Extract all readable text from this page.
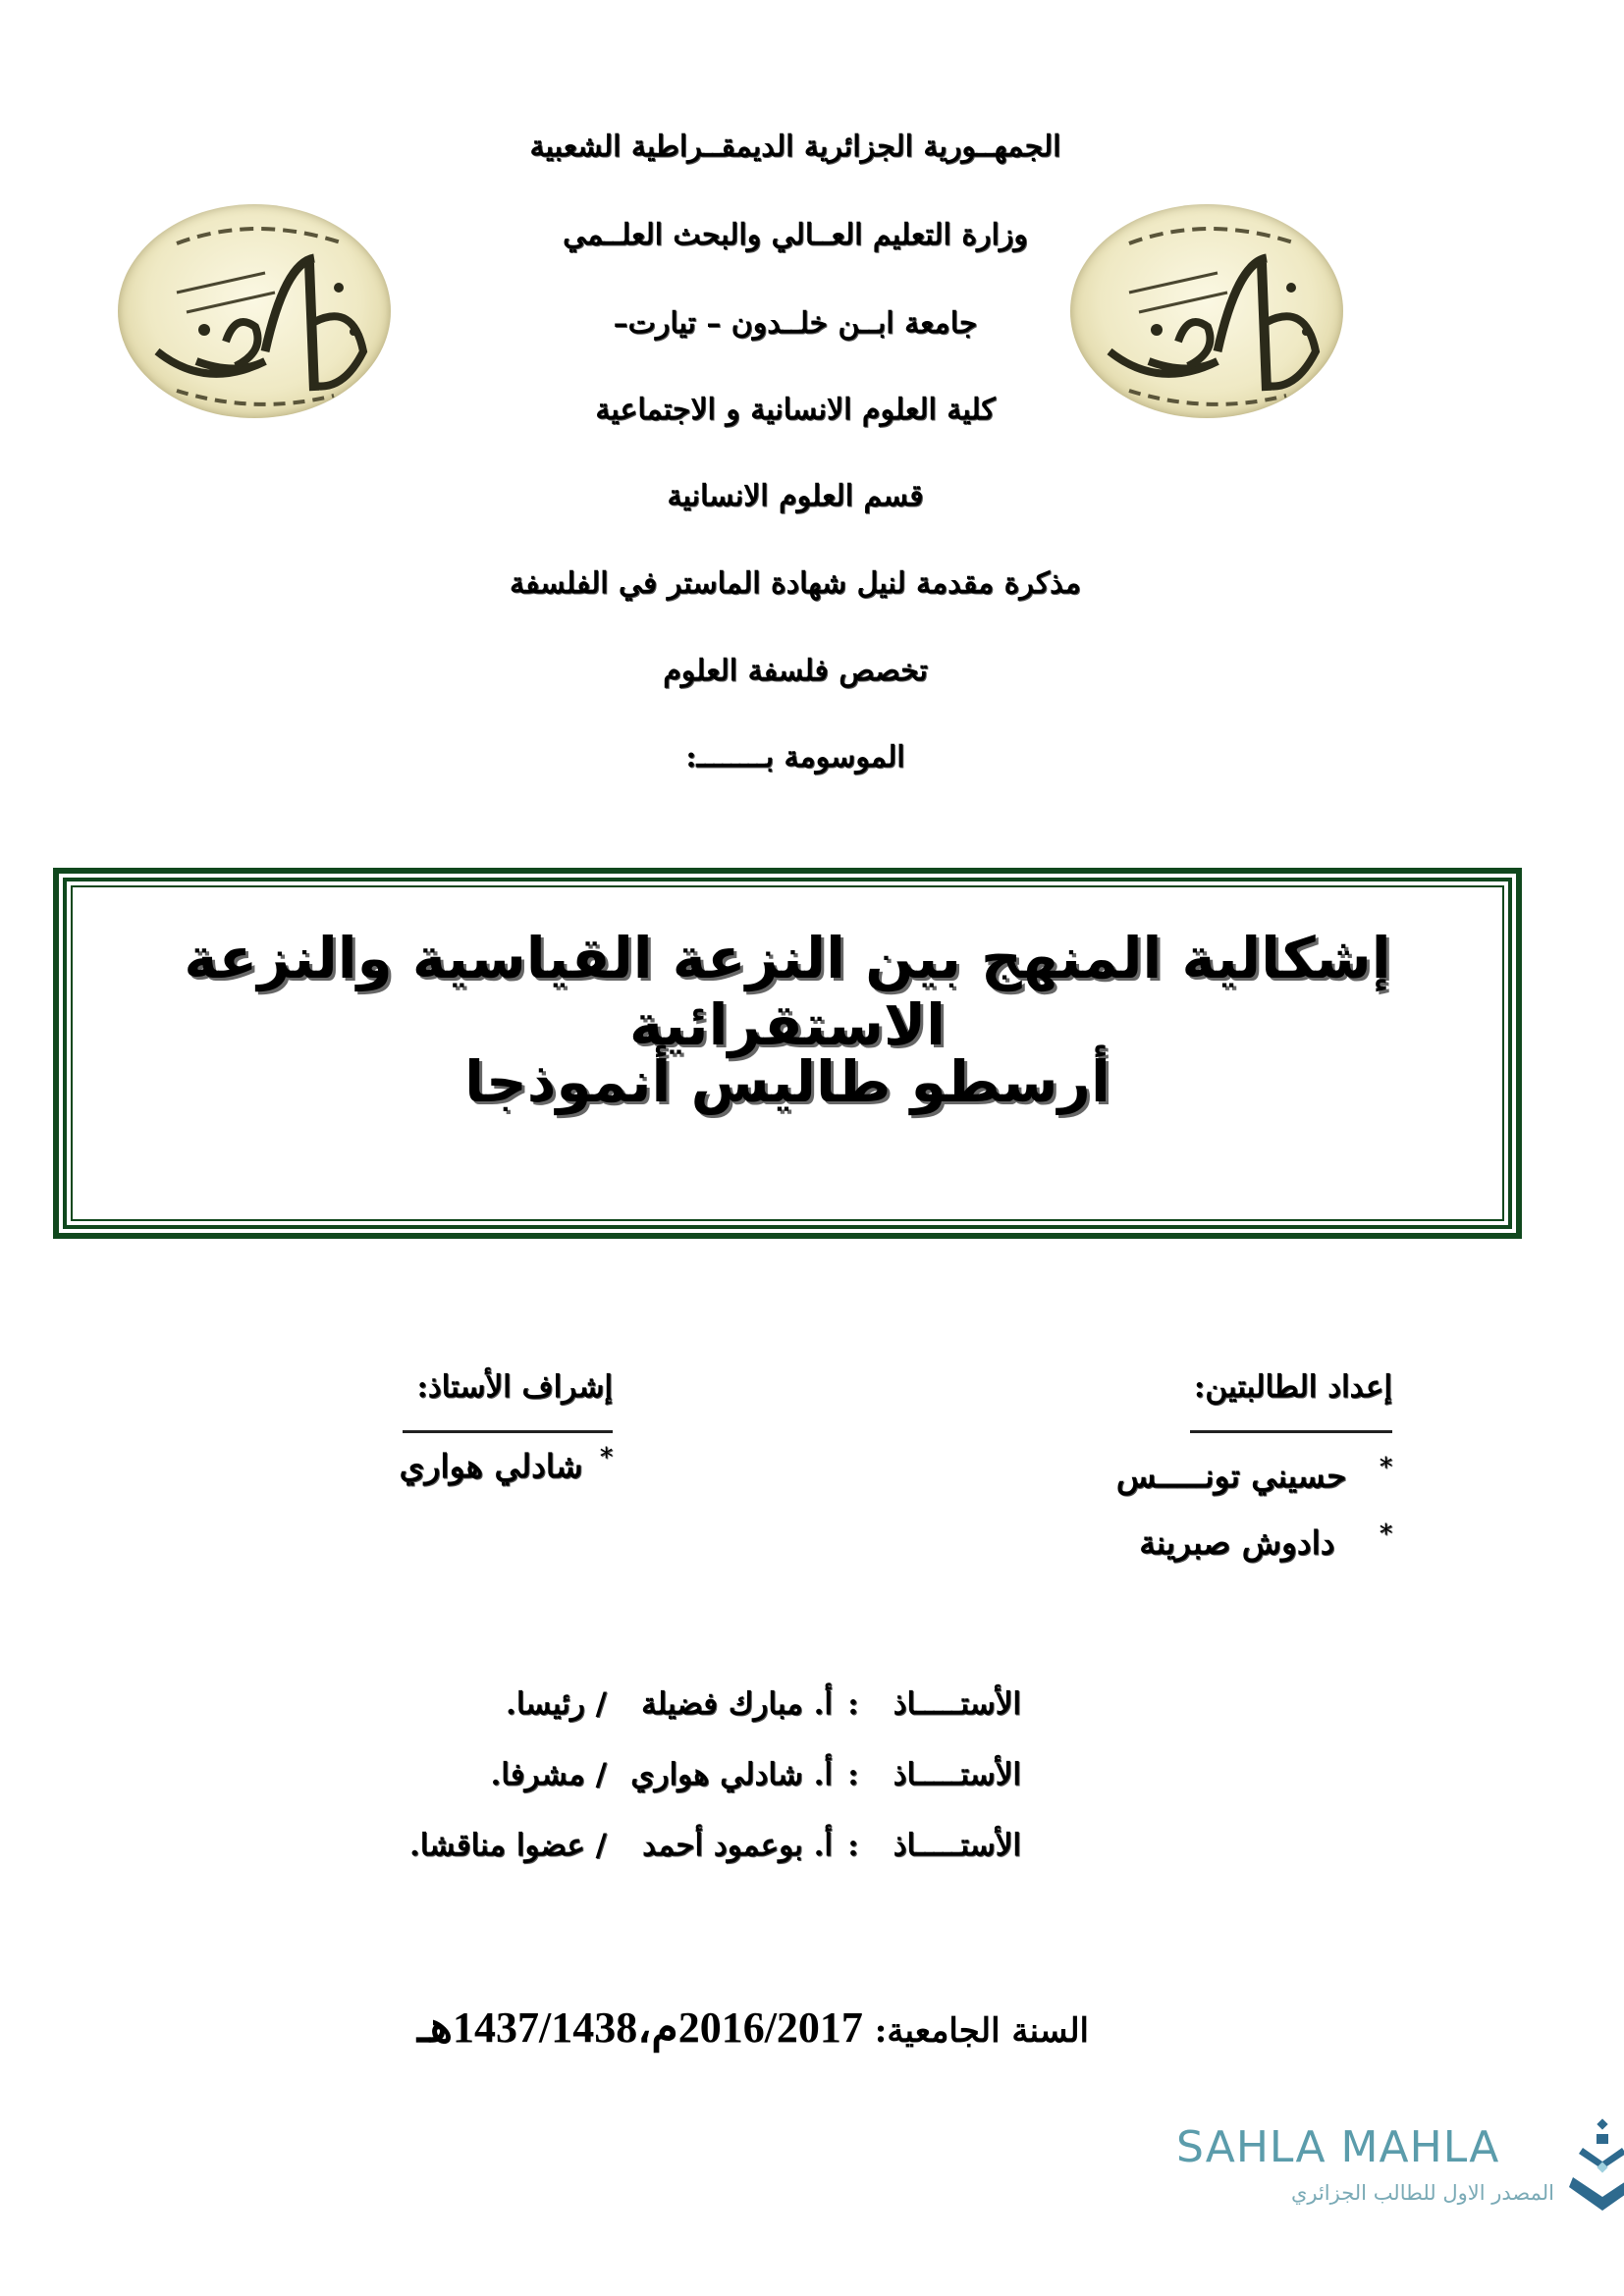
الجمهــورية الجزائرية الديمقــراطية الشعبية
وزارة التعليم العــالي والبحث العلــمي
جامعة ابــن خلــدون – تيارت–
كلية العلوم الانسانية و الاجتماعية
قسم العلوم الانسانية
مذكرة مقدمة لنيل شهادة الماستر في الفلسفة
تخصص فلسفة العلوم
الموسومة بــــــــ:
إشكالية المنهج بين النزعة القياسية والنزعة الاستقرائية
أرسطو طاليس أنموذجا
إعداد الطالبتين:
* حسيني تونـــــس
* دادوش صبرينة
إشراف الأستاذ:
* شادلي هواري
الأستـــــاذ
:
أ. مبارك فضيلة
/ رئيسا.
الأستـــــاذ
:
أ. شادلي هواري
/ مشرفا.
الأستـــــاذ
:
أ. بوعمود أحمد
/ عضوا مناقشا.
السنة الجامعية: 2016/2017م،1437/1438هـ
SAHLA MAHLA
المصدر الاول للطالب الجزائري
